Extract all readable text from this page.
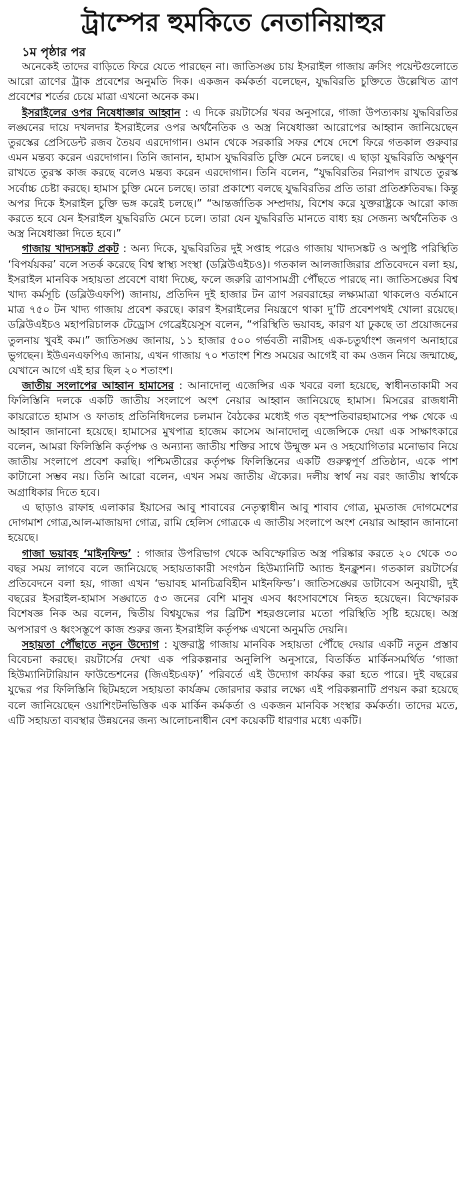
ট্রাম্পের হুমকিতে নেতানিয়াহুর
১ম পৃষ্ঠার পর

অনেকেই তাদের বাড়িতে ফিরে যেতে পারছেন না। জাতিসঙ্ঘ চায় ইসরাইল গাজায় ক্রসিং পয়েন্টগুলোতে আরো ত্রাণের ট্রাক প্রবেশের অনুমতি দিক। একজন কর্মকর্তা বলেছেন, যুদ্ধবিরতি চুক্তিতে উল্লেখিত ত্রাণ প্রবেশের শর্তের চেয়ে মাত্রা এখনো অনেক কম।

ইসরাইলের ওপর নিষেধাজ্ঞার আহ্বান : এ দিকে রয়টার্সের খবর অনুসারে, গাজা উপত্যকায় যুদ্ধবিরতির লঙ্ঘনের দায়ে দখলদার ইসরাইলের ওপর অর্থনৈতিক ও অস্ত্র নিষেধাজ্ঞা আরোপের আহ্বান জানিয়েছেন তুরস্কের প্রেসিডেন্ট রজব তৈয়ব এরদোগান। ওমান থেকে সরকারি সফর শেষে দেশে ফিরে গতকাল গুরুবার এমন মন্তব্য করেন এরদোগান। তিনি জানান, হামাস যুদ্ধবিরতি চুক্তি মেনে চলছে। এ ছাড়া যুদ্ধবিরতি অক্ষুণ্ন রাখতে তুরস্ক কাজ করছে বলেও মন্তব্য করেন এরদোগান। তিনি বলেন, “যুদ্ধবিরতির নিরাপদ রাখতে তুরস্ক সর্বোচ্চ চেষ্টা করছে। হামাস চুক্তি মেনে চলছে। তারা প্রকাশ্যে বলছে যুদ্ধবিরতির প্রতি তারা প্রতিশ্রুতিবদ্ধ। কিন্তু অপর দিকে ইসরাইল চুক্তি ভঙ্গ করেই চলছে।” “আন্তর্জাতিক সম্প্রদায়, বিশেষ করে যুক্তরাষ্ট্রকে আরো কাজ করতে হবে যেন ইসরাইল যুদ্ধবিরতি মেনে চলে। তারা যেন যুদ্ধবিরতি মানতে বাধ্য হয় সেজন্য অর্থনৈতিক ও অস্ত্র নিষেধাজ্ঞা দিতে হবে।”

গাজায় খাদ্যসঙ্কট প্রকট : অন্য দিকে, যুদ্ধবিরতির দুই সপ্তাহ পরেও গাজায় খাদ্যসঙ্কট ও অপুষ্টি পরিস্থিতি ‘বিপর্যয়কর’ বলে সতর্ক করেছে বিশ্ব স্বাস্থ্য সংস্থা (ডব্লিউএইচও)। গতকাল আলজাজিরার প্রতিবেদনে বলা হয়, ইসরাইল মানবিক সহায়তা প্রবেশে বাধা দিচ্ছে, ফলে জরুরি ত্রাণসামগ্রী পৌঁছতে পারছে না। জাতিসঙ্ঘের বিশ্ব খাদ্য কর্মসূচি (ডব্লিউএফপি) জানায়, প্রতিদিন দুই হাজার টন ত্রাণ সরবরাহের লক্ষ্যমাত্রা থাকলেও বর্তমানে মাত্র ৭৫০ টন খাদ্য গাজায় প্রবেশ করছে। কারণ ইসরাইলের নিয়ন্ত্রণে থাকা দু’টি প্রবেশপথই খোলা রয়েছে। ডব্লিউএইচও মহাপরিচালক টেড্রোস গেব্রেইয়েসুস বলেন, “পরিস্থিতি ভয়াবহ, কারণ যা ঢুকছে তা প্রয়োজনের তুলনায় খুবই কম।” জাতিসঙ্ঘ জানায়, ১১ হাজার ৫০০ গর্ভবতী নারীসহ এক-চতুর্থাংশ জনগণ অনাহারে ভুগছেন। ইউএনএফপিএ জানায়, এখন গাজায় ৭০ শতাংশ শিশু সময়ের আগেই বা কম ওজন নিয়ে জন্মাচ্ছে, যেখানে আগে এই হার ছিল ২০ শতাংশ।

জাতীয় সংলাপের আহ্বান হামাসের : আনাদোলু এজেন্সির এক খবরে বলা হয়েছে, স্বাধীনতাকামী সব ফিলিস্তিনি দলকে একটি জাতীয় সংলাপে অংশ নেয়ার আহ্বান জানিয়েছে হামাস। মিসরের রাজধানী কায়রোতে হামাস ও ফাতাহ প্রতিনিধিদলের চলমান বৈঠকের মধ্যেই গত বৃহস্পতিবারহামাসের পক্ষ থেকে এ আহ্বান জানানো হয়েছে। হামাসের মুখপাত্র হাজেম কাসেম আনাদোলু এজেন্সিকে দেয়া এক সাক্ষাৎকারে বলেন, আমরা ফিলিস্তিনি কর্তৃপক্ষ ও অন্যান্য জাতীয় শক্তির সাথে উন্মুক্ত মন ও সহযোগিতার মনোভাব নিয়ে জাতীয় সংলাপে প্রবেশ করছি। পশ্চিমতীরের কর্তৃপক্ষ ফিলিস্তিনের একটি গুরুত্বপূর্ণ প্রতিষ্ঠান, একে পাশ কাটানো সম্ভব নয়। তিনি আরো বলেন, এখন সময় জাতীয় ঐক্যের। দলীয় স্বার্থ নয় বরং জাতীয় স্বার্থকে অগ্রাধিকার দিতে হবে।

এ ছাড়াও রাফাহ এলাকার ইয়াসের আবু শাবাবের নেতৃত্বাধীন আবু শাবাব গোত্র, মুমতাজ দোগমেশের দোগমাশ গোত্র,আল-মাজায়দা গোত্র, রামি হেলিস গোত্রকে এ জাতীয় সংলাপে অংশ নেয়ার আহ্বান জানানো হয়েছে।

গাজা ভয়াবহ ‘মাইনফিল্ড’ : গাজার উপরিভাগ থেকে অবিস্ফোরিত অস্ত্র পরিষ্কার করতে ২০ থেকে ৩০ বছর সময় লাগবে বলে জানিয়েছে সহায়তাকারী সংগঠন হিউম্যানিটি অ্যান্ড ইনক্লুশন। গতকাল রয়টার্সের প্রতিবেদনে বলা হয়, গাজা এখন ‘ভয়াবহ মানচিত্রবিহীন মাইনফিল্ড’। জাতিসঙ্ঘের ডাটাবেস অনুযায়ী, দুই বছরের ইসরাইল-হামাস সঙ্ঘাতে ৫৩ জনের বেশি মানুষ এসব ধ্বংসাবশেষে নিহত হয়েছেন। বিস্ফোরক বিশেষজ্ঞ নিক অর বলেন, দ্বিতীয় বিশ্বযুদ্ধের পর ব্রিটিশ শহরগুলোর মতো পরিস্থিতি সৃষ্টি হয়েছে। অস্ত্র অপসারণ ও ধ্বংসস্তূপে কাজ শুরুর জন্য ইসরাইলি কর্তৃপক্ষ এখনো অনুমতি দেয়নি।

সহায়তা পৌঁছাতে নতুন উদ্যোগ : যুক্তরাষ্ট্র গাজায় মানবিক সহায়তা পৌঁছে দেয়ার একটি নতুন প্রস্তাব বিবেচনা করছে। রয়টার্সের দেখা এক পরিকল্পনার অনুলিপি অনুসারে, বিতর্কিত মার্কিনসমর্থিত ‘গাজা হিউম্যানিটারিয়ান ফাউন্ডেশনের (জিএইচএফ)’ পরিবর্তে এই উদ্যোগ কার্যকর করা হতে পারে। দুই বছরের যুদ্ধের পর ফিলিস্তিনি ছিটমহলে সহায়তা কার্যক্রম জোরদার করার লক্ষ্যে এই পরিকল্পনাটি প্রণয়ন করা হয়েছে বলে জানিয়েছেন ওয়াশিংটনভিত্তিক এক মার্কিন কর্মকর্তা ও একজন মানবিক সংস্থার কর্মকর্তা। তাদের মতে, এটি সহায়তা ব্যবস্থার উন্নয়নের জন্য আলোচনাধীন বেশ কয়েকটি ধারণার মধ্যে একটি।
